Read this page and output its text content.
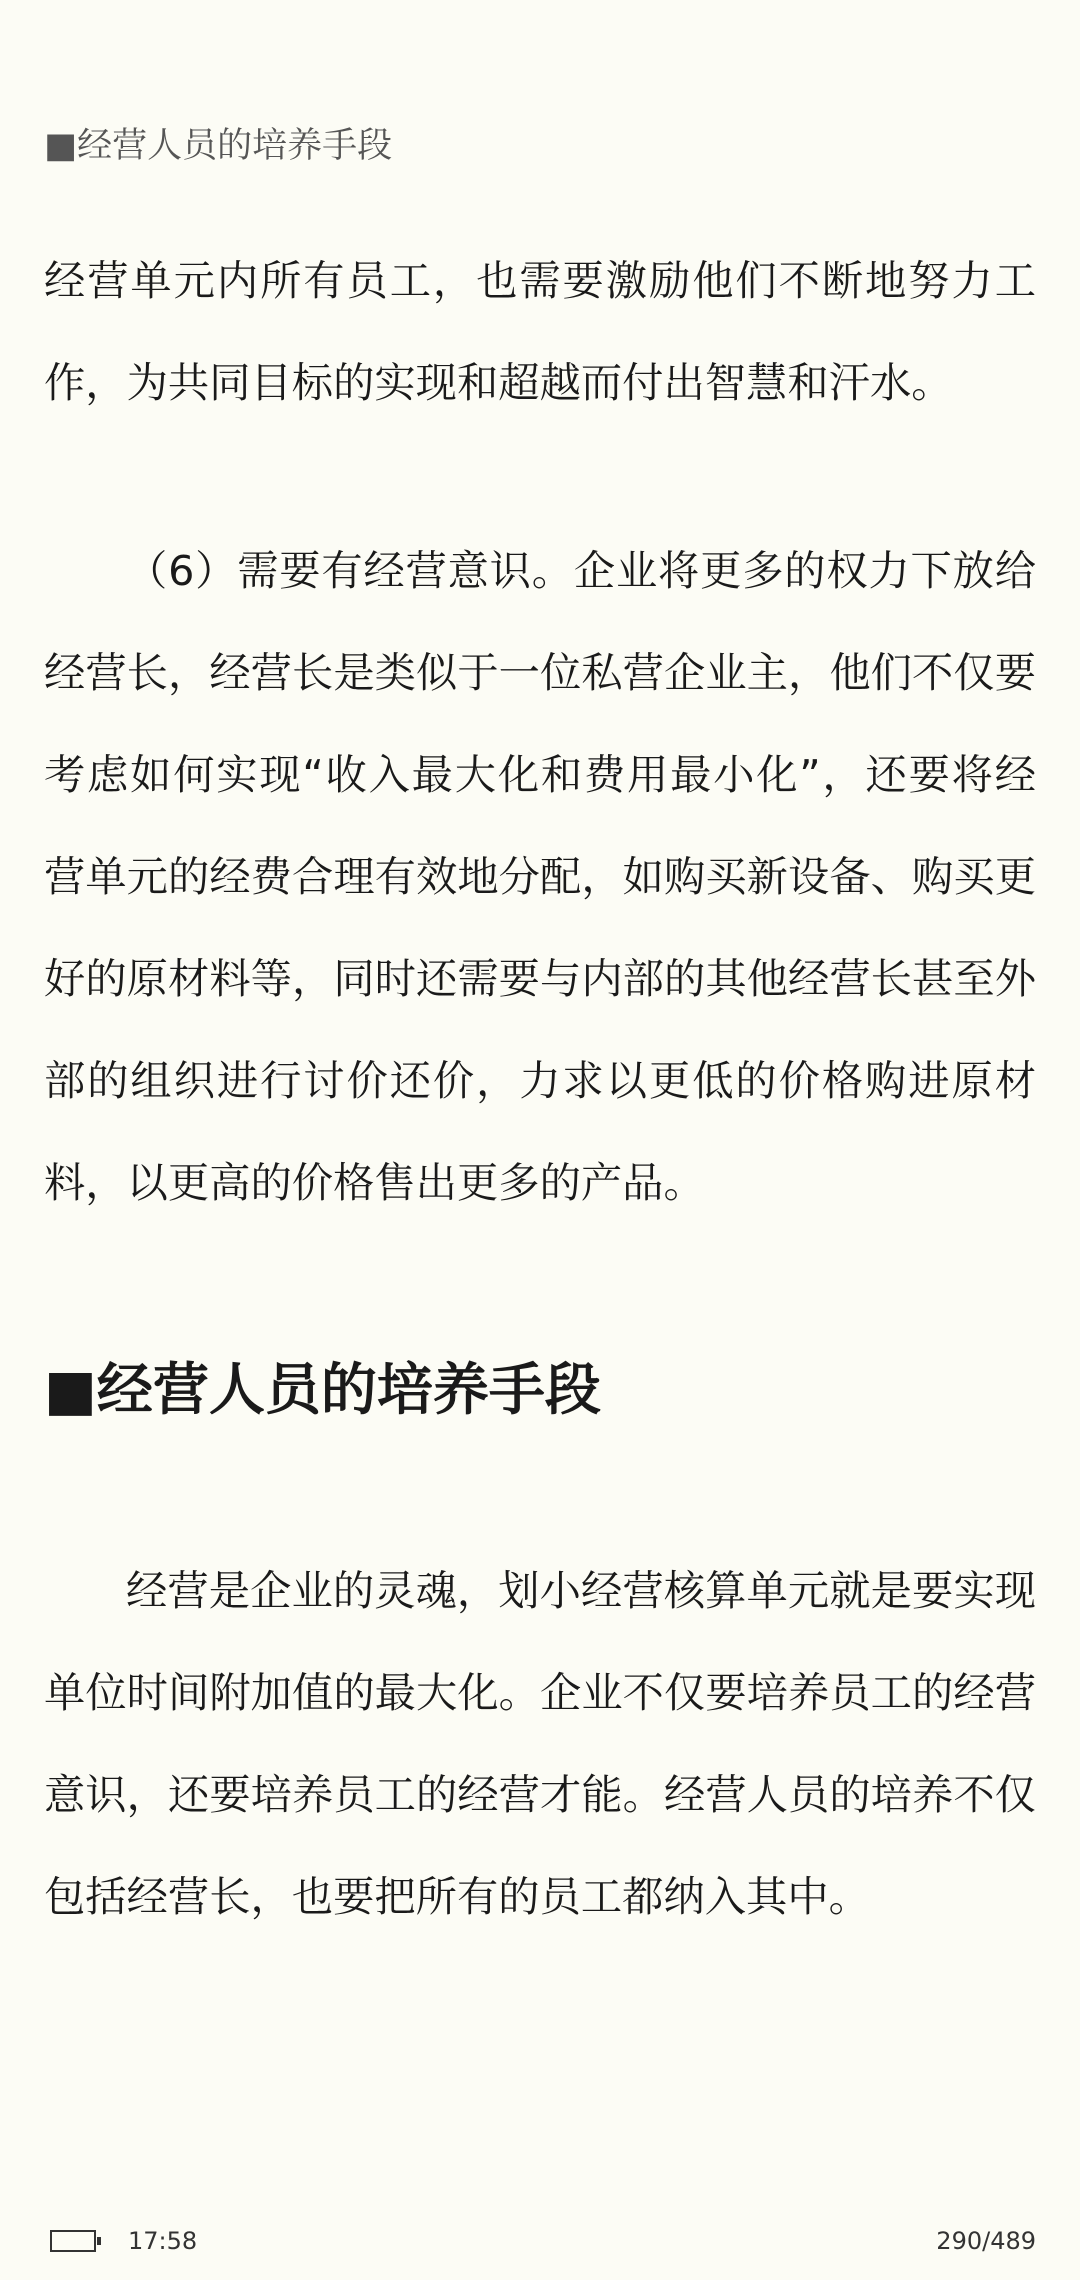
■经营人员的培养手段

经营单元内所有员工，也需要激励他们不断地努力工作，为共同目标的实现和超越而付出智慧和汗水。

（6）需要有经营意识。企业将更多的权力下放给经营长，经营长是类似于一位私营企业主，他们不仅要考虑如何实现“收入最大化和费用最小化”，还要将经营单元的经费合理有效地分配，如购买新设备、购买更好的原材料等，同时还需要与内部的其他经营长甚至外部的组织进行讨价还价，力求以更低的价格购进原材料，以更高的价格售出更多的产品。

■经营人员的培养手段

经营是企业的灵魂，划小经营核算单元就是要实现单位时间附加值的最大化。企业不仅要培养员工的经营意识，还要培养员工的经营才能。经营人员的培养不仅包括经营长，也要把所有的员工都纳入其中。

17:58	290/489
